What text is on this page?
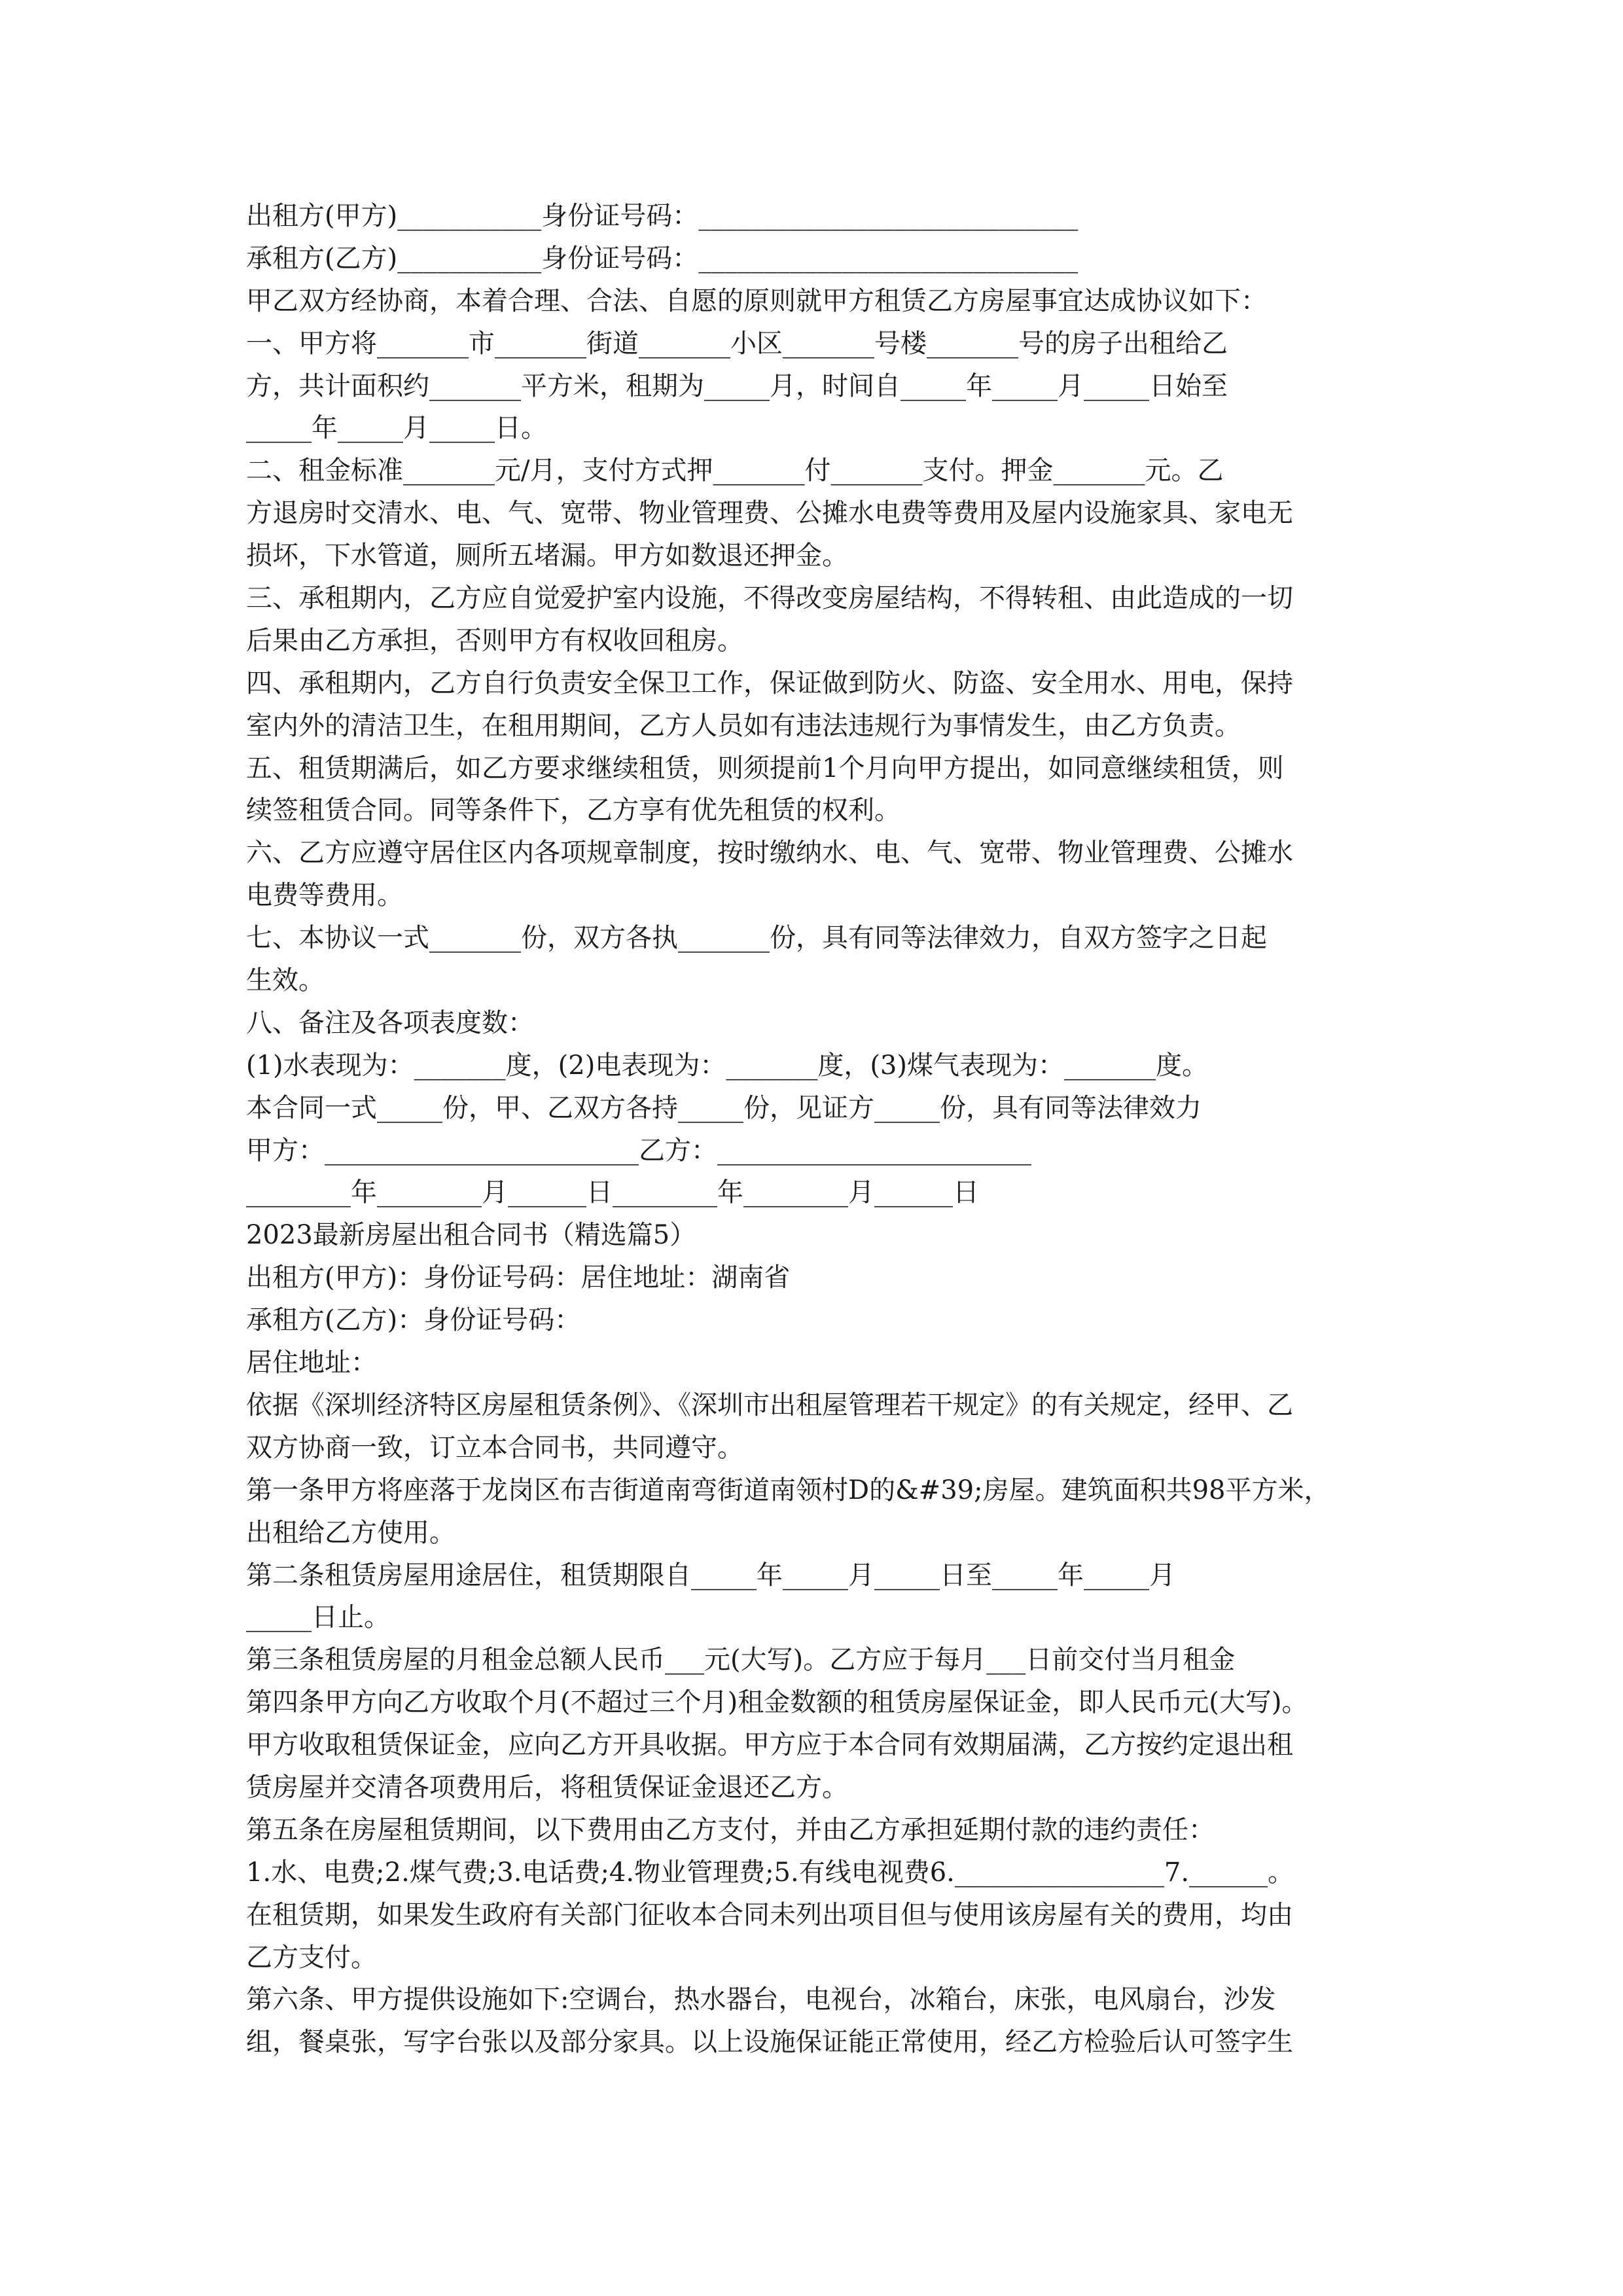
出租方(甲方)___________身份证号码：_____________________________
承租方(乙方)___________身份证号码：_____________________________
甲乙双方经协商，本着合理、合法、自愿的原则就甲方租赁乙方房屋事宜达成协议如下：
一、甲方将_______市_______街道_______小区_______号楼_______号的房子出租给乙
方，共计面积约_______平方米，租期为_____月，时间自_____年_____月_____日始至
_____年_____月_____日。
二、租金标准_______元/月，支付方式押_______付_______支付。押金_______元。乙
方退房时交清水、电、气、宽带、物业管理费、公摊水电费等费用及屋内设施家具、家电无
损坏，下水管道，厕所五堵漏。甲方如数退还押金。
三、承租期内，乙方应自觉爱护室内设施，不得改变房屋结构，不得转租、由此造成的一切
后果由乙方承担，否则甲方有权收回租房。
四、承租期内，乙方自行负责安全保卫工作，保证做到防火、防盗、安全用水、用电，保持
室内外的清洁卫生，在租用期间，乙方人员如有违法违规行为事情发生，由乙方负责。
五、租赁期满后，如乙方要求继续租赁，则须提前1个月向甲方提出，如同意继续租赁，则
续签租赁合同。同等条件下，乙方享有优先租赁的权利。
六、乙方应遵守居住区内各项规章制度，按时缴纳水、电、气、宽带、物业管理费、公摊水
电费等费用。
七、本协议一式_______份，双方各执_______份，具有同等法律效力，自双方签字之日起
生效。
八、备注及各项表度数：
(1)水表现为：_______度，(2)电表现为：_______度，(3)煤气表现为：_______度。
本合同一式_____份，甲、乙双方各持_____份，见证方_____份，具有同等法律效力
甲方：________________________乙方：________________________
________年________月______日________年________月______日
2023最新房屋出租合同书（精选篇5）
出租方(甲方)：身份证号码：居住地址：湖南省
承租方(乙方)：身份证号码：
居住地址：
依据《深圳经济特区房屋租赁条例》、《深圳市出租屋管理若干规定》的有关规定，经甲、乙
双方协商一致，订立本合同书，共同遵守。
第一条甲方将座落于龙岗区布吉街道南弯街道南领村D的&#39;房屋。建筑面积共98平方米，
出租给乙方使用。
第二条租赁房屋用途居住，租赁期限自_____年_____月_____日至_____年_____月
_____日止。
第三条租赁房屋的月租金总额人民币___元(大写)。乙方应于每月___日前交付当月租金
第四条甲方向乙方收取个月(不超过三个月)租金数额的租赁房屋保证金，即人民币元(大写)。
甲方收取租赁保证金，应向乙方开具收据。甲方应于本合同有效期届满，乙方按约定退出租
赁房屋并交清各项费用后，将租赁保证金退还乙方。
第五条在房屋租赁期间，以下费用由乙方支付，并由乙方承担延期付款的违约责任：
1.水、电费;2.煤气费;3.电话费;4.物业管理费;5.有线电视费6.________________7.______。
在租赁期，如果发生政府有关部门征收本合同未列出项目但与使用该房屋有关的费用，均由
乙方支付。
第六条、甲方提供设施如下:空调台，热水器台，电视台，冰箱台，床张，电风扇台，沙发
组，餐桌张，写字台张以及部分家具。以上设施保证能正常使用，经乙方检验后认可签字生
